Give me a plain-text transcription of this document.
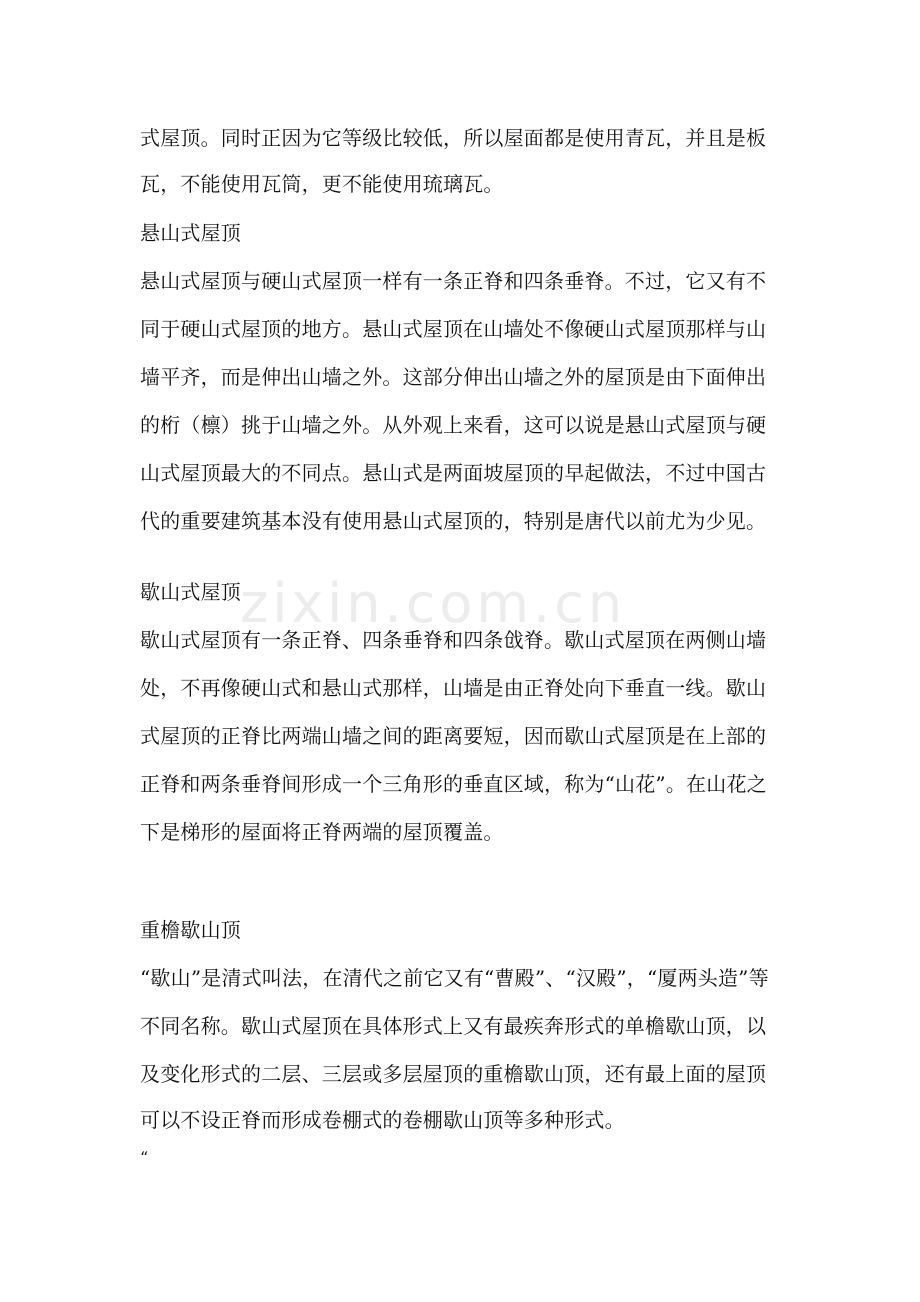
zixin.com.cn
式屋顶。同时正因为它等级比较低，所以屋面都是使用青瓦，并且是板
瓦，不能使用瓦筒，更不能使用琉璃瓦。
悬山式屋顶
悬山式屋顶与硬山式屋顶一样有一条正脊和四条垂脊。不过，它又有不
同于硬山式屋顶的地方。悬山式屋顶在山墙处不像硬山式屋顶那样与山
墙平齐，而是伸出山墙之外。这部分伸出山墙之外的屋顶是由下面伸出
的桁（檩）挑于山墙之外。从外观上来看，这可以说是悬山式屋顶与硬
山式屋顶最大的不同点。悬山式是两面坡屋顶的早起做法，不过中国古
代的重要建筑基本没有使用悬山式屋顶的，特别是唐代以前尤为少见。
歇山式屋顶
歇山式屋顶有一条正脊、四条垂脊和四条戗脊。歇山式屋顶在两侧山墙
处，不再像硬山式和悬山式那样，山墙是由正脊处向下垂直一线。歇山
式屋顶的正脊比两端山墙之间的距离要短，因而歇山式屋顶是在上部的
正脊和两条垂脊间形成一个三角形的垂直区域，称为“山花”。在山花之
下是梯形的屋面将正脊两端的屋顶覆盖。
重檐歇山顶
“歇山”是清式叫法，在清代之前它又有“曹殿”、“汉殿”，“厦两头造”等
不同名称。歇山式屋顶在具体形式上又有最疾奔形式的单檐歇山顶，以
及变化形式的二层、三层或多层屋顶的重檐歇山顶，还有最上面的屋顶
可以不设正脊而形成卷棚式的卷棚歇山顶等多种形式。
“
